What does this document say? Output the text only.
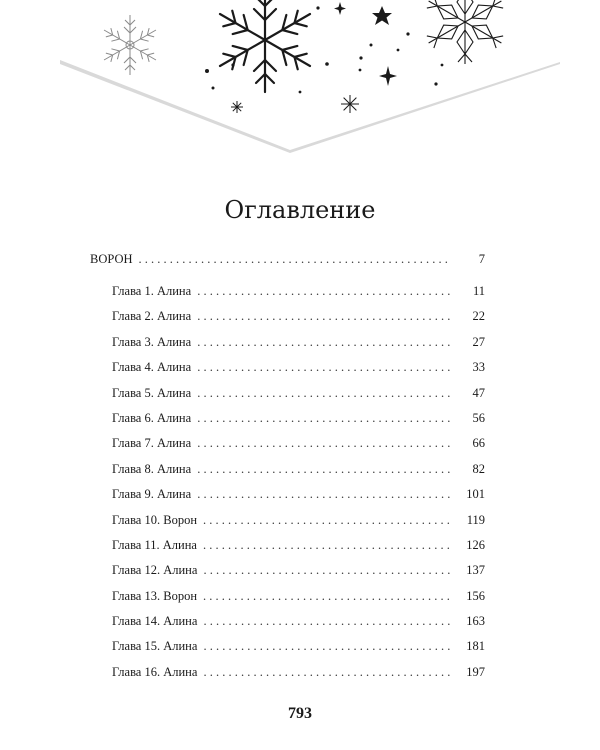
Оглавление
ВОРОН . . .	7
Глава 1. Алина . . .	11
Глава 2. Алина . . .	22
Глава 3. Алина . . .	27
Глава 4. Алина . . .	33
Глава 5. Алина . . .	47
Глава 6. Алина . . .	56
Глава 7. Алина . . .	66
Глава 8. Алина . . .	82
Глава 9. Алина . . .	101
Глава 10. Ворон . . .	119
Глава 11. Алина . . .	126
Глава 12. Алина . . .	137
Глава 13. Ворон . . .	156
Глава 14. Алина . . .	163
Глава 15. Алина . . .	181
Глава 16. Алина . . .	197
793
